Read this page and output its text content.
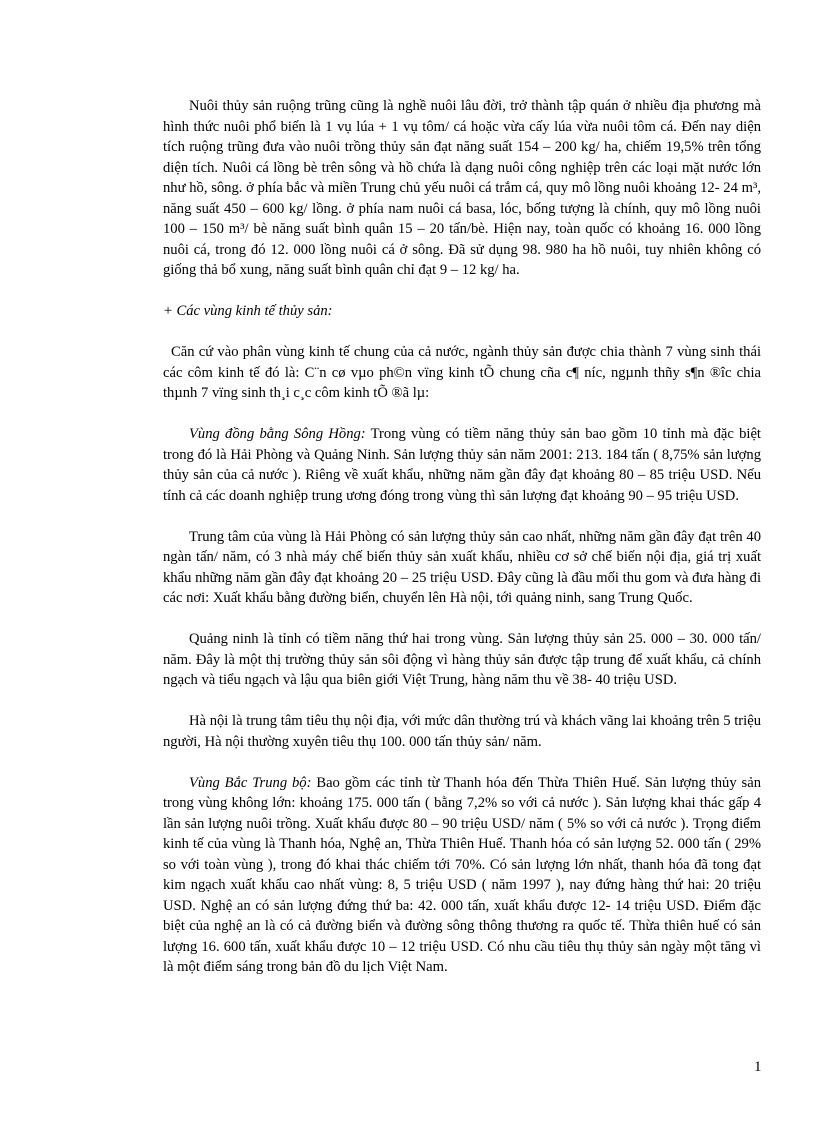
Nuôi thủy sản ruộng trũng cũng là nghề nuôi lâu đời, trở thành tập quán ở nhiều địa phương mà hình thức nuôi phổ biến là 1 vụ lúa + 1 vụ tôm/ cá hoặc vừa cấy lúa vừa nuôi tôm cá. Đến nay diện tích ruộng trũng đưa vào nuôi trồng thủy sản đạt năng suất 154 – 200 kg/ ha, chiếm 19,5% trên tổng diện tích. Nuôi cá lồng bè trên sông và hồ chứa là dạng nuôi công nghiệp trên các loại mặt nước lớn như hồ, sông. ở phía bắc và miền Trung chủ yếu nuôi cá trắm cá, quy mô lồng nuôi khoảng 12- 24 m³, năng suất 450 – 600 kg/ lồng. ở phía nam nuôi cá basa, lóc, bống tượng là chính, quy mô lồng nuôi 100 – 150 m³/ bè năng suất bình quân 15 – 20 tấn/bè. Hiện nay, toàn quốc có khoảng 16. 000 lồng nuôi cá, trong đó 12. 000 lồng nuôi cá ở sông. Đã sử dụng 98. 980 ha hồ nuôi, tuy nhiên không có giống thả bổ xung, năng suất bình quân chỉ đạt 9 – 12 kg/ ha.

+ Các vùng kinh tế thủy sản:

Căn cứ vào phân vùng kinh tế chung của cả nước, ngành thủy sản được chia thành 7 vùng sinh thái các côm kinh tế đó là: C¨n cø vµo ph©n vïng kinh tÕ chung cña c¶ níc, ngµnh thñy s¶n ®îc chia thµnh 7 vïng sinh th¸i c¸c côm kinh tÕ ®ã lµ:

Vùng đồng bằng Sông Hồng: Trong vùng có tiềm năng thủy sản bao gồm 10 tỉnh mà đặc biệt trong đó là Hải Phòng và Quảng Ninh. Sản lượng thủy sản năm 2001: 213. 184 tấn ( 8,75% sản lượng thủy sản của cả nước ). Riêng về xuất khẩu, những năm gần đây đạt khoảng 80 – 85 triệu USD. Nếu tính cả các doanh nghiệp trung ương đóng trong vùng thì sản lượng đạt khoảng 90 – 95 triệu USD.

Trung tâm của vùng là Hải Phòng có sản lượng thủy sản cao nhất, những năm gần đây đạt trên 40 ngàn tấn/ năm, có 3 nhà máy chế biến thủy sản xuất khẩu, nhiều cơ sở chế biến nội địa, giá trị xuất khẩu những năm gần đây đạt khoảng 20 – 25 triệu USD. Đây cũng là đầu mối thu gom và đưa hàng đi các nơi: Xuất khẩu bằng đường biển, chuyển lên Hà nội, tới quảng ninh, sang Trung Quốc.

Quảng ninh là tỉnh có tiềm năng thứ hai trong vùng. Sản lượng thủy sản 25. 000 – 30. 000 tấn/ năm. Đây là một thị trường thủy sản sôi động vì hàng thủy sản được tập trung để xuất khẩu, cả chính ngạch và tiểu ngạch và lậu qua biên giới Việt Trung, hàng năm thu về 38- 40 triệu USD.

Hà nội là trung tâm tiêu thụ nội địa, với mức dân thường trú và khách vãng lai khoảng trên 5 triệu người, Hà nội thường xuyên tiêu thụ 100. 000 tấn thủy sản/ năm.

Vùng Bắc Trung bộ: Bao gồm các tỉnh từ Thanh hóa đến Thừa Thiên Huế. Sản lượng thủy sản trong vùng không lớn: khoảng 175. 000 tấn ( bằng 7,2% so với cả nước ). Sản lượng khai thác gấp 4 lần sản lượng nuôi trồng. Xuất khẩu được 80 – 90 triệu USD/ năm ( 5% so với cả nước ). Trọng điểm kinh tế của vùng là Thanh hóa, Nghệ an, Thừa Thiên Huế. Thanh hóa có sản lượng 52. 000 tấn ( 29% so với toàn vùng ), trong đó khai thác chiếm tới 70%. Có sản lượng lớn nhất, thanh hóa đã tong đạt kim ngạch xuất khẩu cao nhất vùng: 8, 5 triệu USD ( năm 1997 ), nay đứng hàng thứ hai: 20 triệu USD. Nghệ an có sản lượng đứng thứ ba: 42. 000 tấn, xuất khẩu được 12- 14 triệu USD. Điểm đặc biệt của nghệ an là có cả đường biển và đường sông thông thương ra quốc tế. Thừa thiên huế có sản lượng 16. 600 tấn, xuất khẩu được 10 – 12 triệu USD. Có nhu cầu tiêu thụ thủy sản ngày một tăng vì là một điểm sáng trong bản đồ du lịch Việt Nam.

1
